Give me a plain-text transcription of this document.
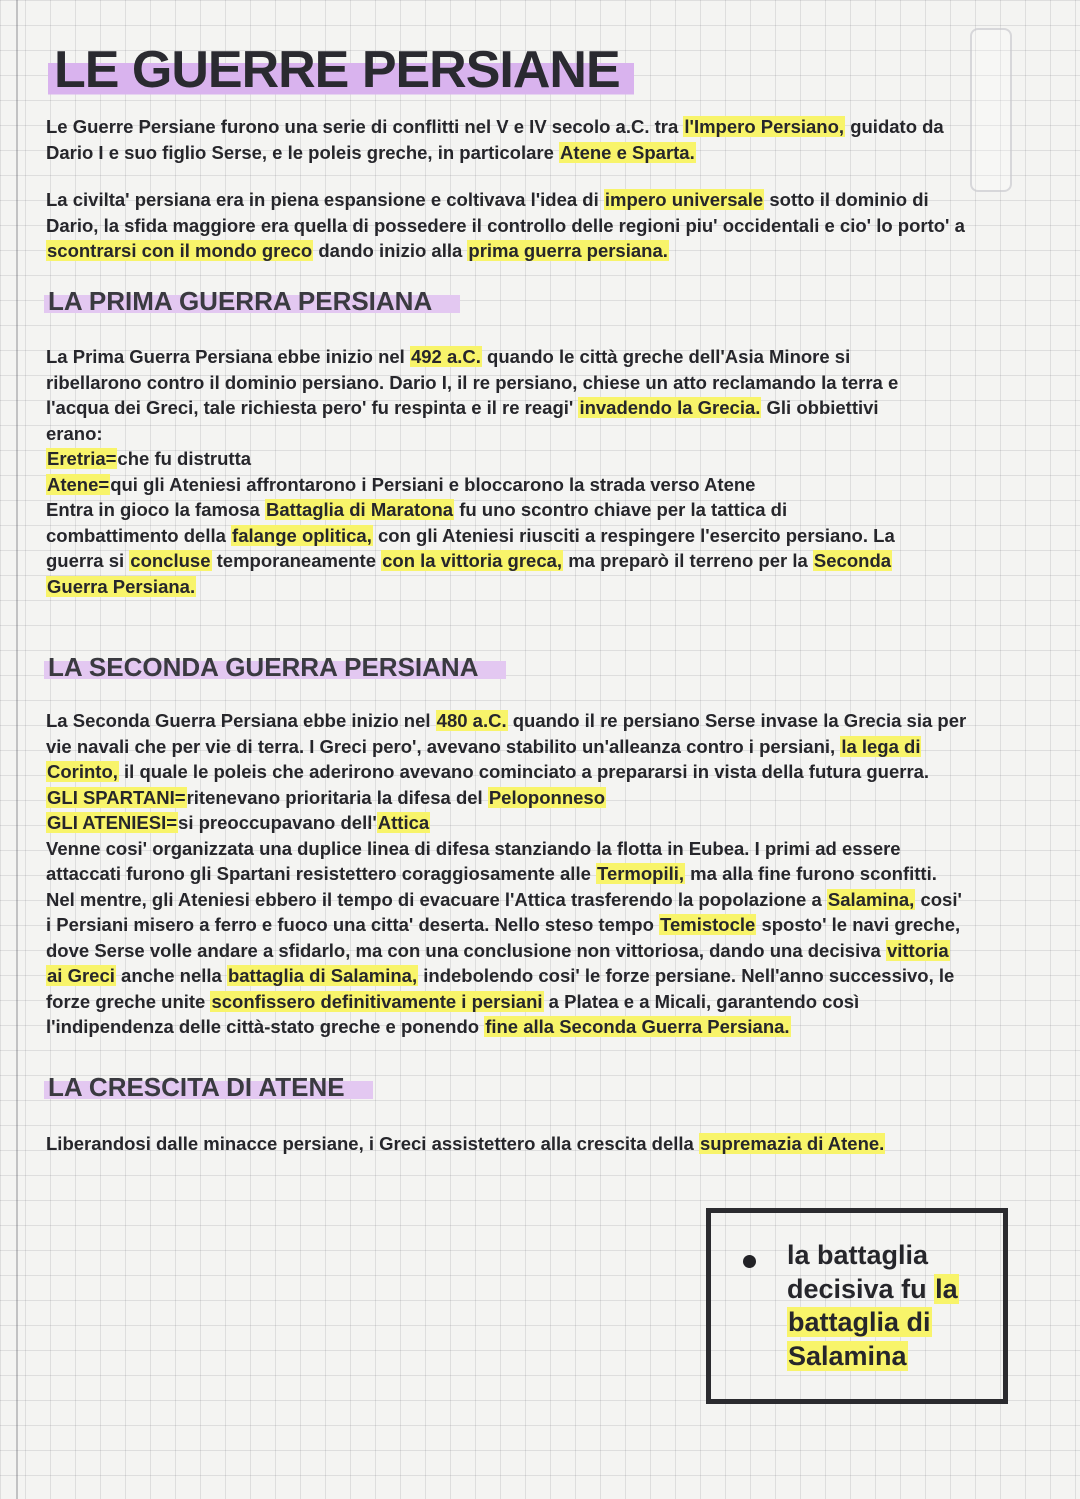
LE GUERRE PERSIANE

Le Guerre Persiane furono una serie di conflitti nel V e IV secolo a.C. tra l'Impero Persiano, guidato da
Dario I e suo figlio Serse, e le poleis greche, in particolare Atene e Sparta.

La civilta' persiana era in piena espansione e coltivava l'idea di impero universale sotto il dominio di
Dario, la sfida maggiore era quella di possedere il controllo delle regioni piu' occidentali e cio' lo porto' a
scontrarsi con il mondo greco dando inizio alla prima guerra persiana.

LA PRIMA GUERRA PERSIANA

La Prima Guerra Persiana ebbe inizio nel 492 a.C. quando le città greche dell'Asia Minore si
ribellarono contro il dominio persiano. Dario I, il re persiano, chiese un atto reclamando la terra e
l'acqua dei Greci, tale richiesta pero' fu respinta e il re reagi' invadendo la Grecia. Gli obbiettivi
erano:
Eretria=che fu distrutta
Atene=qui gli Ateniesi affrontarono i Persiani e bloccarono la strada verso Atene
Entra in gioco la famosa Battaglia di Maratona fu uno scontro chiave per la tattica di
combattimento della falange oplitica, con gli Ateniesi riusciti a respingere l'esercito persiano. La
guerra si concluse temporaneamente con la vittoria greca, ma preparò il terreno per la Seconda
Guerra Persiana.

LA SECONDA GUERRA PERSIANA

La Seconda Guerra Persiana ebbe inizio nel 480 a.C. quando il re persiano Serse invase la Grecia sia per
vie navali che per vie di terra. I Greci pero', avevano stabilito un'alleanza contro i persiani, la lega di
Corinto, il quale le poleis che aderirono avevano cominciato a prepararsi in vista della futura guerra.
GLI SPARTANI=ritenevano prioritaria la difesa del Peloponneso
GLI ATENIESI=si preoccupavano dell'Attica
Venne cosi' organizzata una duplice linea di difesa stanziando la flotta in Eubea. I primi ad essere
attaccati furono gli Spartani resistettero coraggiosamente alle Termopili, ma alla fine furono sconfitti.
Nel mentre, gli Ateniesi ebbero il tempo di evacuare l'Attica trasferendo la popolazione a Salamina, cosi'
i Persiani misero a ferro e fuoco una citta' deserta. Nello steso tempo Temistocle sposto' le navi greche,
dove Serse volle andare a sfidarlo, ma con una conclusione non vittoriosa, dando una decisiva vittoria
ai Greci anche nella battaglia di Salamina, indebolendo cosi' le forze persiane. Nell'anno successivo, le
forze greche unite sconfissero definitivamente i persiani a Platea e a Micali, garantendo così
l'indipendenza delle città-stato greche e ponendo fine alla Seconda Guerra Persiana.

LA CRESCITA DI ATENE

Liberandosi dalle minacce persiane, i Greci assistettero alla crescita della supremazia di Atene.

la battaglia
decisiva fu la
battaglia di
Salamina
